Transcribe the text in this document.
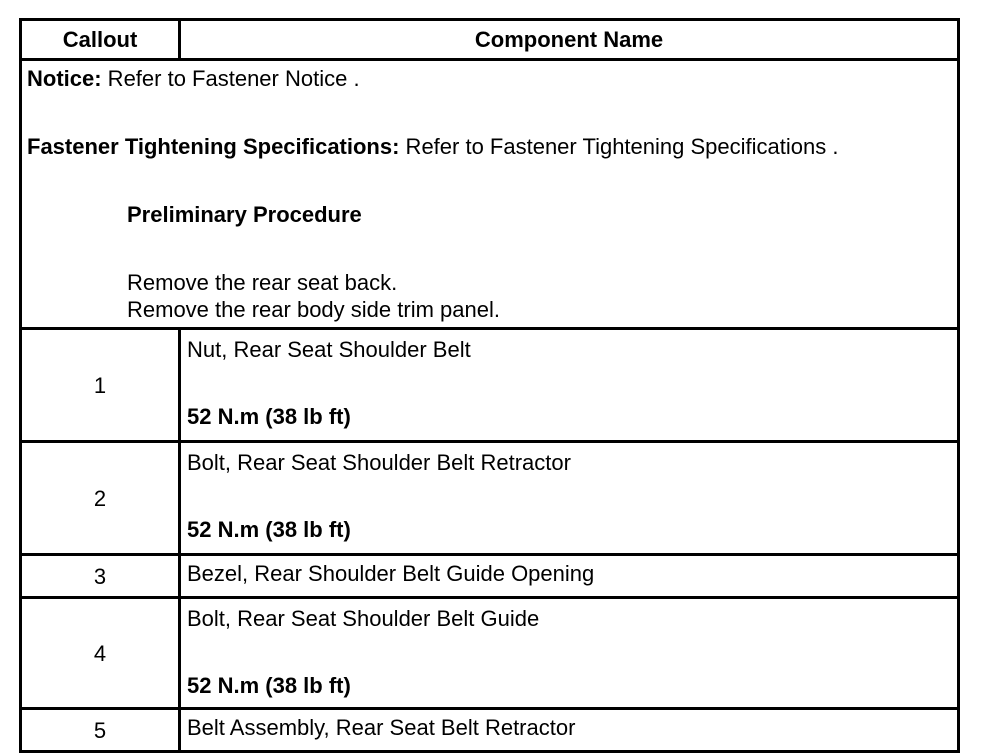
Callout	Component Name

Notice: Refer to Fastener Notice .

Fastener Tightening Specifications: Refer to Fastener Tightening Specifications .

Preliminary Procedure

Remove the rear seat back.

Remove the rear body side trim panel.	

1	Nut, Rear Seat Shoulder Belt
52 N.m (38 lb ft)

2	Bolt, Rear Seat Shoulder Belt Retractor
52 N.m (38 lb ft)

3	Bezel, Rear Shoulder Belt Guide Opening

4	Bolt, Rear Seat Shoulder Belt Guide
52 N.m (38 lb ft)

5	Belt Assembly, Rear Seat Belt Retractor
